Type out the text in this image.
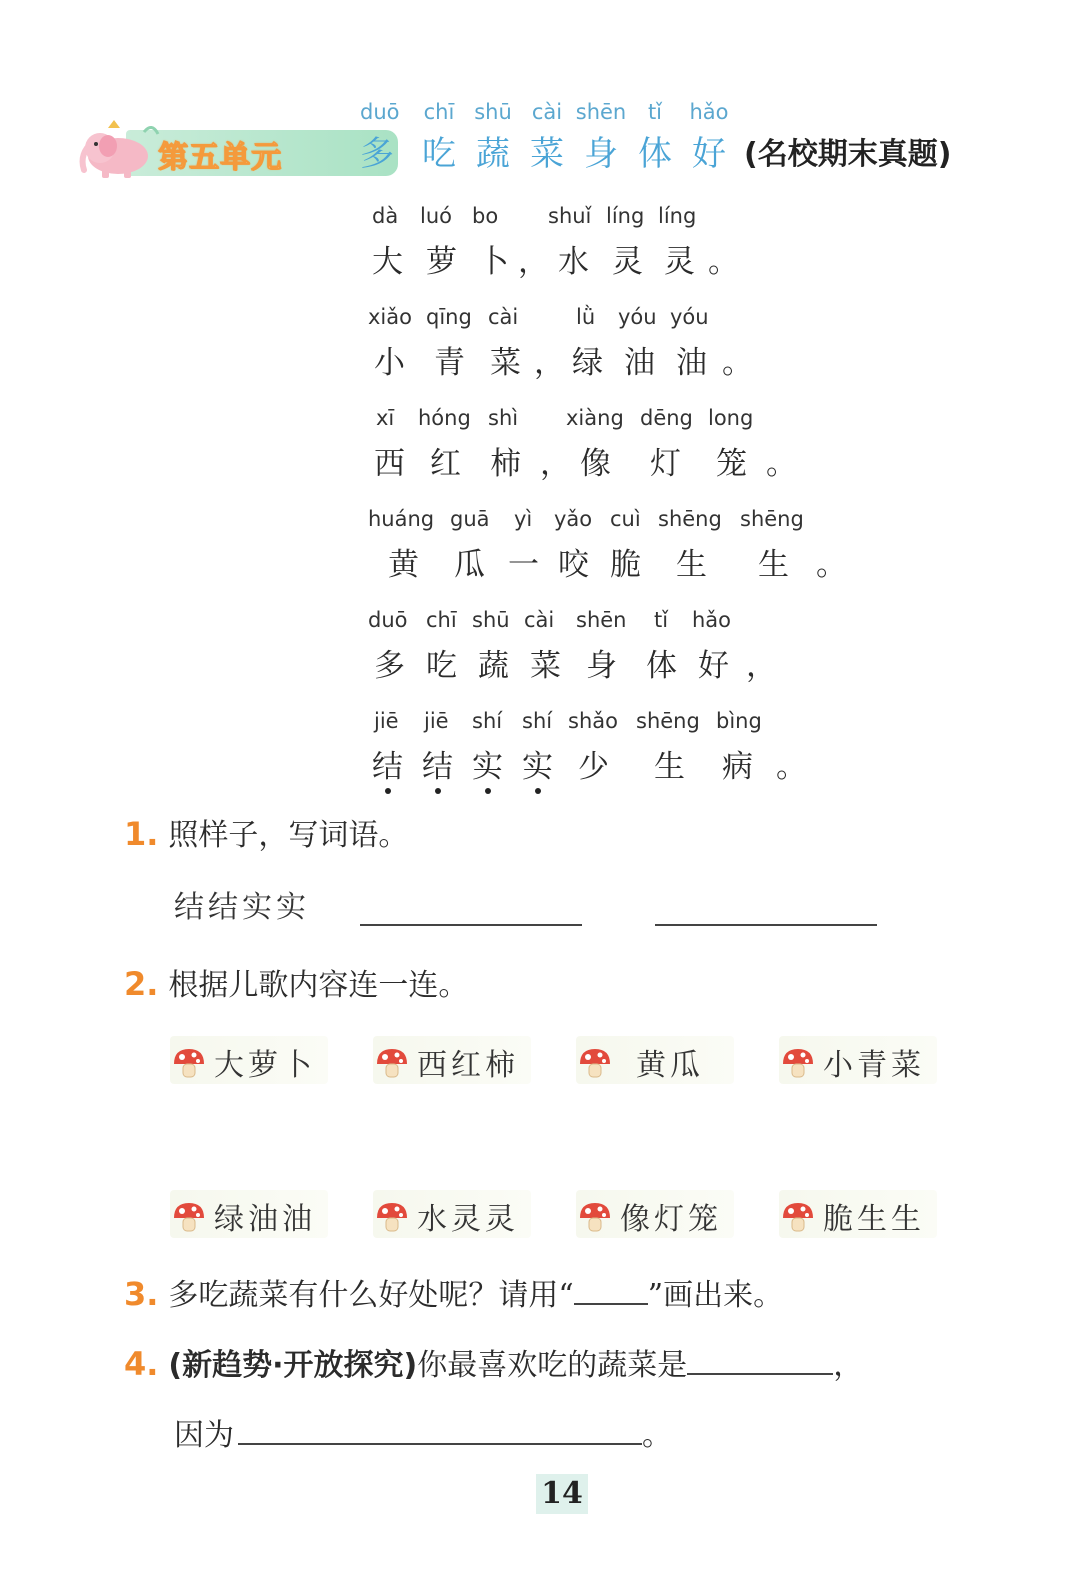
第五单元
duō	chī shū cài shēn	tǐ	hǎo
多 吃 蔬 菜 身 体 好 (名校期末真题)
dà luó bo shuǐ líng líng
大 萝 卜 ， 水 灵 灵 。
xiǎo qīng cài	lǜ yóu yóu
小 青 菜 ， 绿 油 油 。
xī hóng shì xiàng dēng long
西 红 柿 ， 像 灯 笼 。
huáng guā yì yǎo cuì shēng shēng
黄 瓜 一 咬 脆 生 生 。
duō chī shū cài shēn tǐ hǎo
多 吃 蔬 菜 身 体 好 ，
jiē jiē shí shí shǎo shēng bìng
结 结 实 实 少 生 病 。
1. 照样子，写词语。
结结实实
2. 根据儿歌内容连一连。
大萝卜	西红柿	黄瓜	小青菜
绿油油	水灵灵	像灯笼	脆生生
3. 多吃蔬菜有什么好处呢？请用“ ”画出来。
4. (新趋势·开放探究) 你最喜欢吃的蔬菜是	，
因为	。
14
